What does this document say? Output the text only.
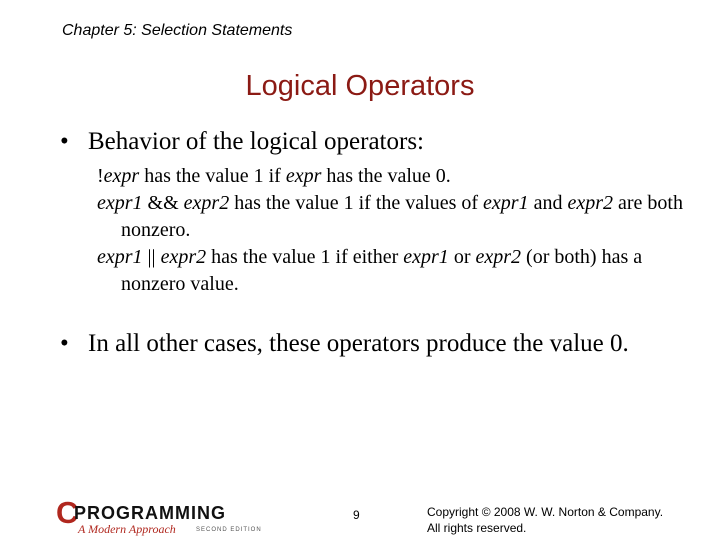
Chapter 5: Selection Statements
Logical Operators
• Behavior of the logical operators:

!expr has the value 1 if expr has the value 0.

expr1 && expr2 has the value 1 if the values of expr1 and expr2 are both nonzero.

expr1 || expr2 has the value 1 if either expr1 or expr2 (or both) has a nonzero value.

• In all other cases, these operators produce the value 0.
C
PROGRAMMING
A Modern Approach	SECOND EDITION
9	Copyright © 2008 W. W. Norton & Company.
All rights reserved.
